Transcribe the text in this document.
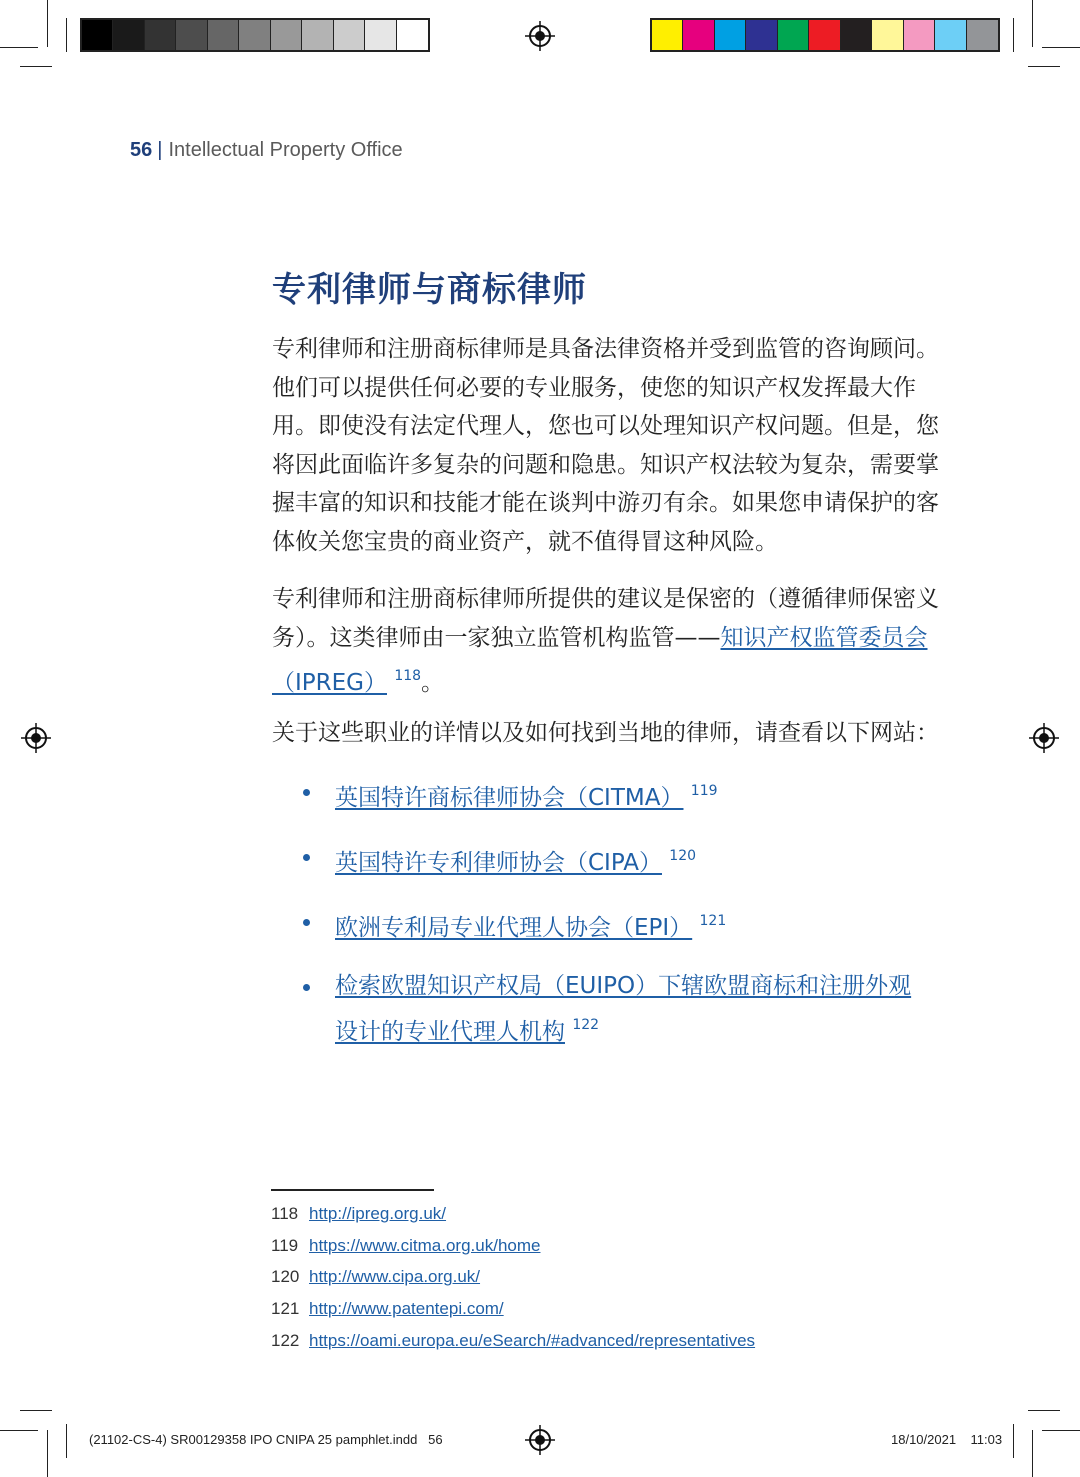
56 | Intellectual Property Office
专利律师与商标律师
专利律师和注册商标律师是具备法律资格并受到监管的咨询顾问。
他们可以提供任何必要的专业服务，使您的知识产权发挥最大作
用。即使没有法定代理人，您也可以处理知识产权问题。但是，您
将因此面临许多复杂的问题和隐患。知识产权法较为复杂，需要掌
握丰富的知识和技能才能在谈判中游刃有余。如果您申请保护的客
体攸关您宝贵的商业资产，就不值得冒这种风险。
专利律师和注册商标律师所提供的建议是保密的（遵循律师保密义
务）。这类律师由一家独立监管机构监管——知识产权监管委员会
（IPREG） $^{118}$。
关于这些职业的详情以及如何找到当地的律师，请查看以下网站：
英国特许商标律师协会（CITMA） $^{119}$
英国特许专利律师协会（CIPA） $^{120}$
欧洲专利局专业代理人协会（EPI） $^{121}$
检索欧盟知识产权局（EUIPO）下辖欧盟商标和注册外观
设计的专业代理人机构 $^{122}$
118 http://ipreg.org.uk/
119 https://www.citma.org.uk/home
120 http://www.cipa.org.uk/
121 http://www.patentepi.com/
122 https://oami.europa.eu/eSearch/#advanced/representatives
(21102-CS-4) SR00129358 IPO CNIPA 25 pamphlet.indd 56	18/10/2021 11:03
